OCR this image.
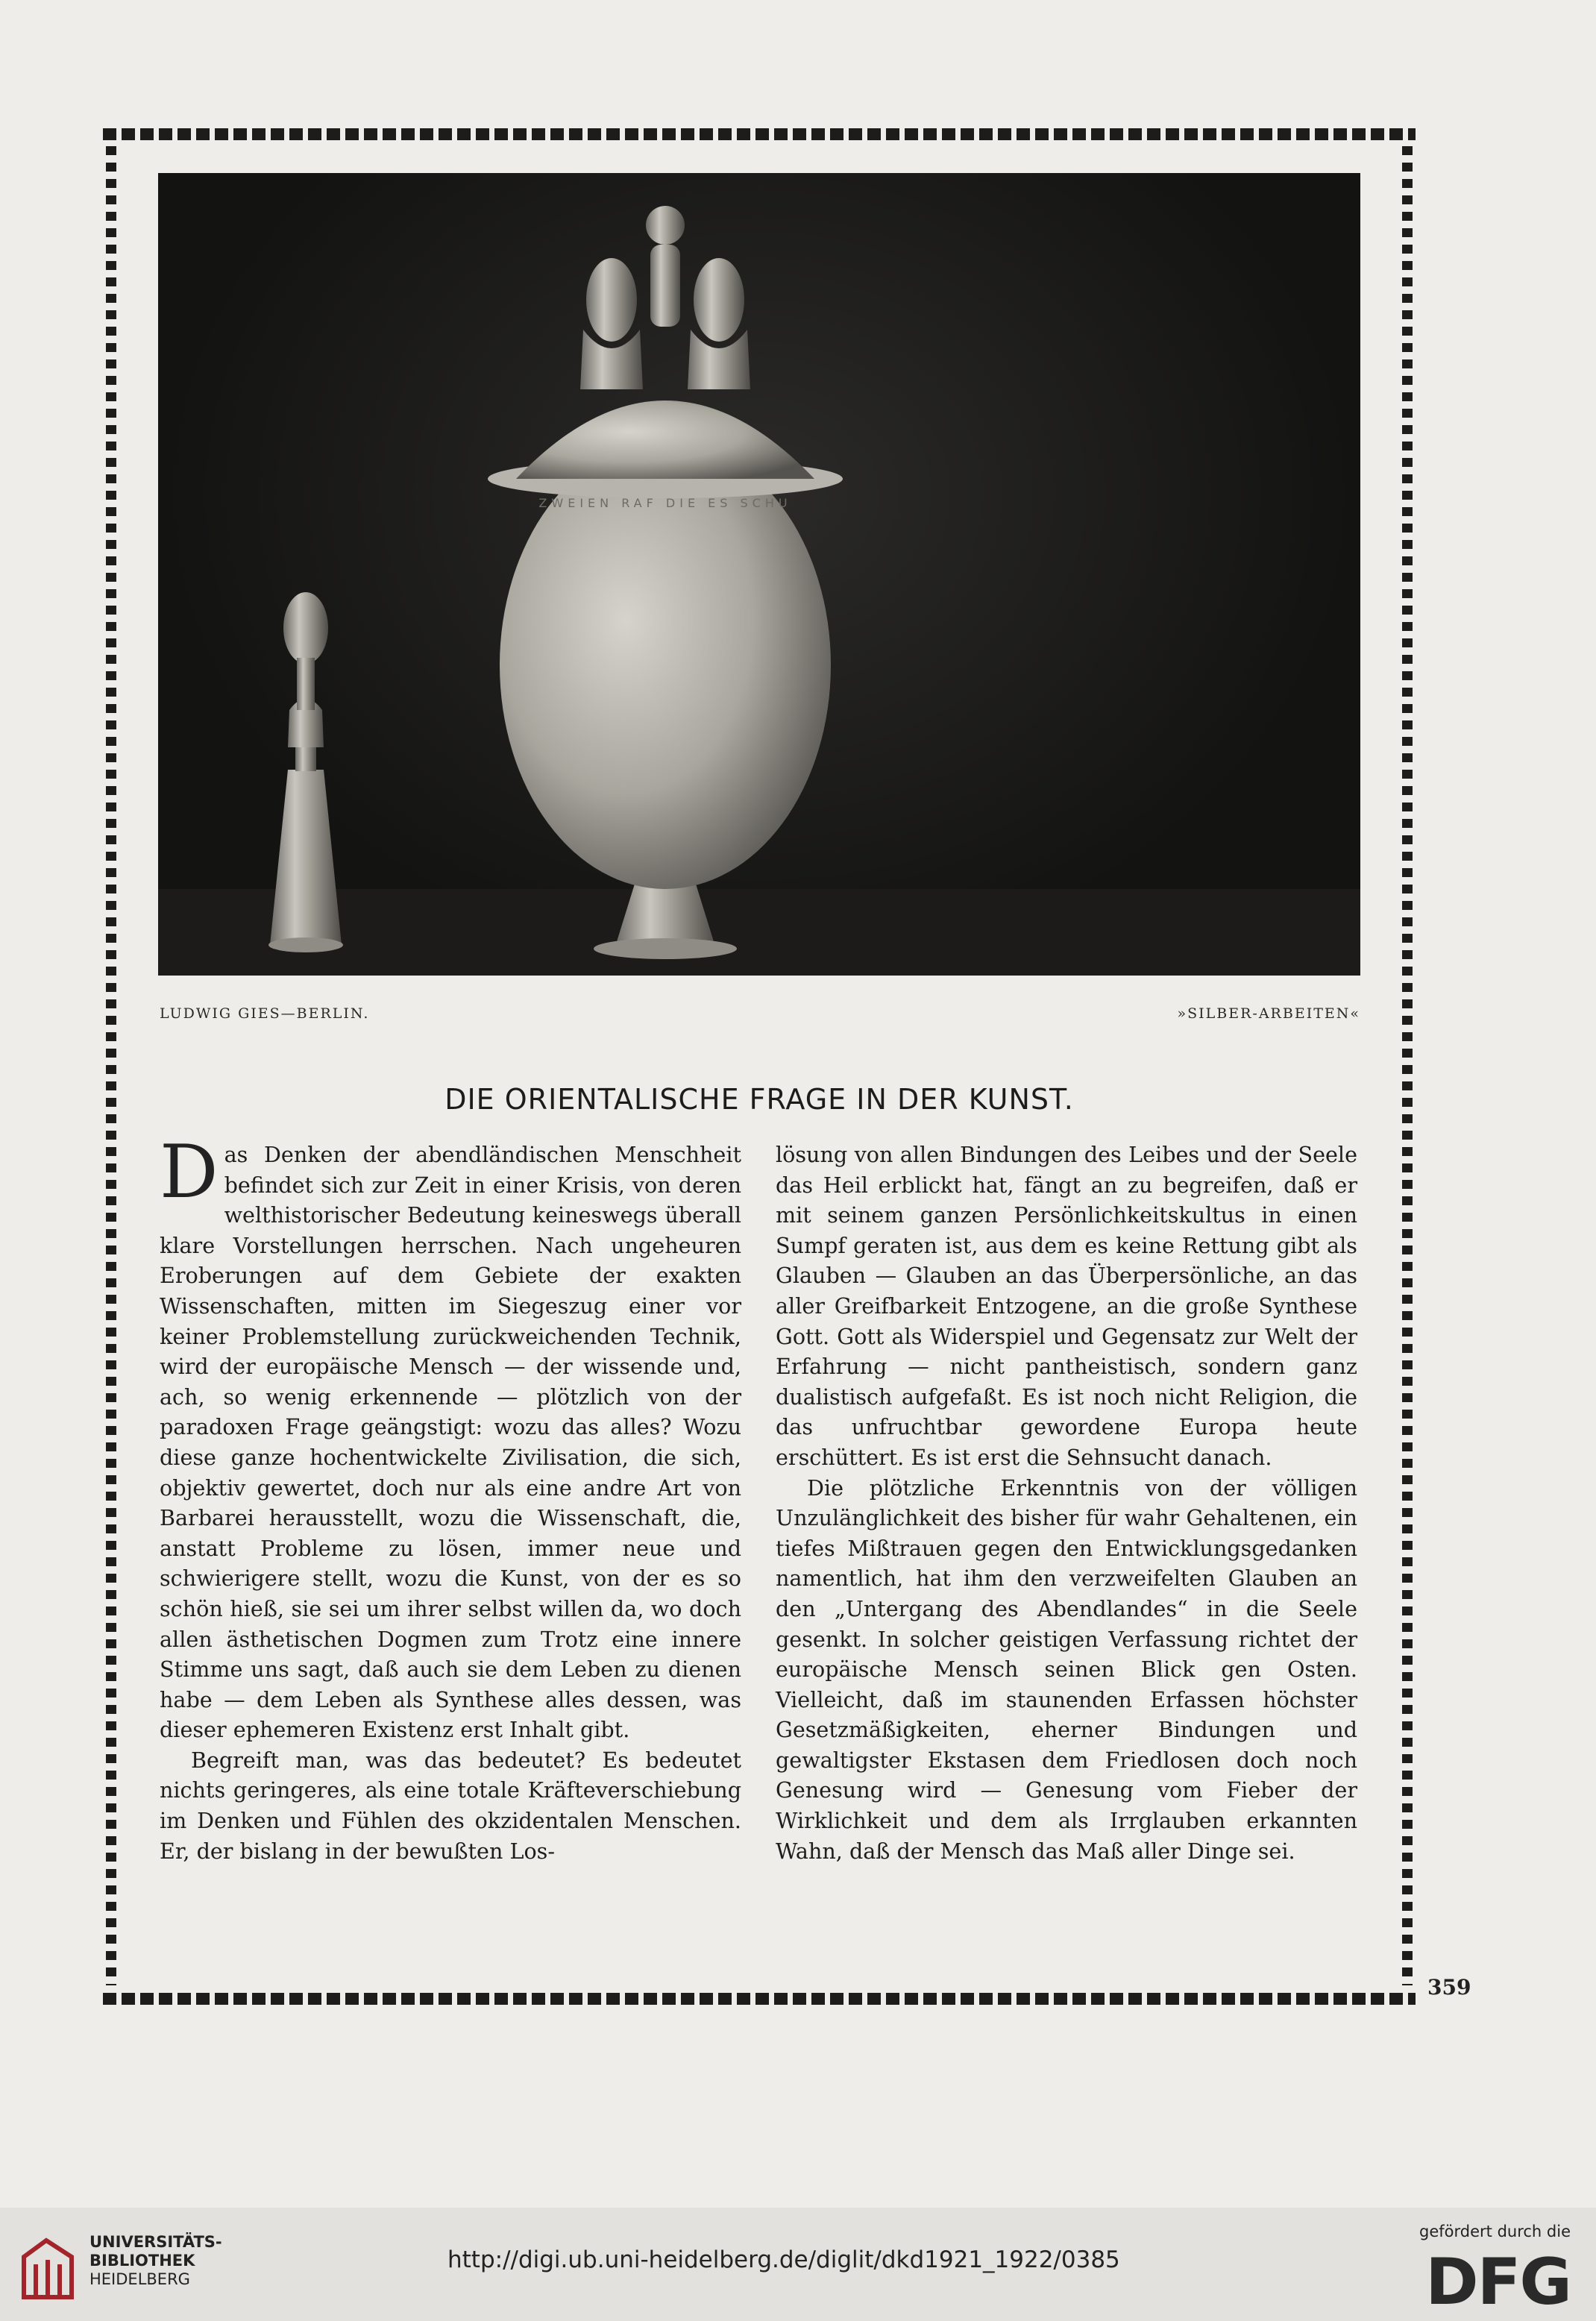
ZWEIEN RAF DIE ES SCHU
LUDWIG GIES—BERLIN.	»SILBER-ARBEITEN«
DIE ORIENTALISCHE FRAGE IN DER KUNST.

Das Denken der abendländischen Menschheit befindet sich zur Zeit in einer Krisis, von deren welthistorischer Bedeutung keineswegs überall klare Vorstellungen herrschen. Nach ungeheuren Eroberungen auf dem Gebiete der exakten Wissenschaften, mitten im Siegeszug einer vor keiner Problemstellung zurückweichenden Technik, wird der europäische Mensch — der wissende und, ach, so wenig erkennende — plötzlich von der paradoxen Frage geängstigt: wozu das alles? Wozu diese ganze hochentwickelte Zivilisation, die sich, objektiv gewertet, doch nur als eine andre Art von Barbarei herausstellt, wozu die Wissenschaft, die, anstatt Probleme zu lösen, immer neue und schwierigere stellt, wozu die Kunst, von der es so schön hieß, sie sei um ihrer selbst willen da, wo doch allen ästhetischen Dogmen zum Trotz eine innere Stimme uns sagt, daß auch sie dem Leben zu dienen habe — dem Leben als Synthese alles dessen, was dieser ephemeren Existenz erst Inhalt gibt.

Begreift man, was das bedeutet? Es bedeutet nichts geringeres, als eine totale Kräfteverschiebung im Denken und Fühlen des okzidentalen Menschen. Er, der bislang in der bewußten Los-

lösung von allen Bindungen des Leibes und der Seele das Heil erblickt hat, fängt an zu begreifen, daß er mit seinem ganzen Persönlichkeitskultus in einen Sumpf geraten ist, aus dem es keine Rettung gibt als Glauben — Glauben an das Überpersönliche, an das aller Greifbarkeit Entzogene, an die große Synthese Gott. Gott als Widerspiel und Gegensatz zur Welt der Erfahrung — nicht pantheistisch, sondern ganz dualistisch aufgefaßt. Es ist noch nicht Religion, die das unfruchtbar gewordene Europa heute erschüttert. Es ist erst die Sehnsucht danach.

Die plötzliche Erkenntnis von der völligen Unzulänglichkeit des bisher für wahr Gehaltenen, ein tiefes Mißtrauen gegen den Entwicklungsgedanken namentlich, hat ihm den verzweifelten Glauben an den „Untergang des Abendlandes“ in die Seele gesenkt. In solcher geistigen Verfassung richtet der europäische Mensch seinen Blick gen Osten. Vielleicht, daß im staunenden Erfassen höchster Gesetzmäßigkeiten, eherner Bindungen und gewaltigster Ekstasen dem Friedlosen doch noch Genesung wird — Genesung vom Fieber der Wirklichkeit und dem als Irrglauben erkannten Wahn, daß der Mensch das Maß aller Dinge sei.

359
UNIVERSITÄTS-
BIBLIOTHEK
HEIDELBERG
http://digi.ub.uni-heidelberg.de/diglit/dkd1921_1922/0385
gefördert durch die
DFG
